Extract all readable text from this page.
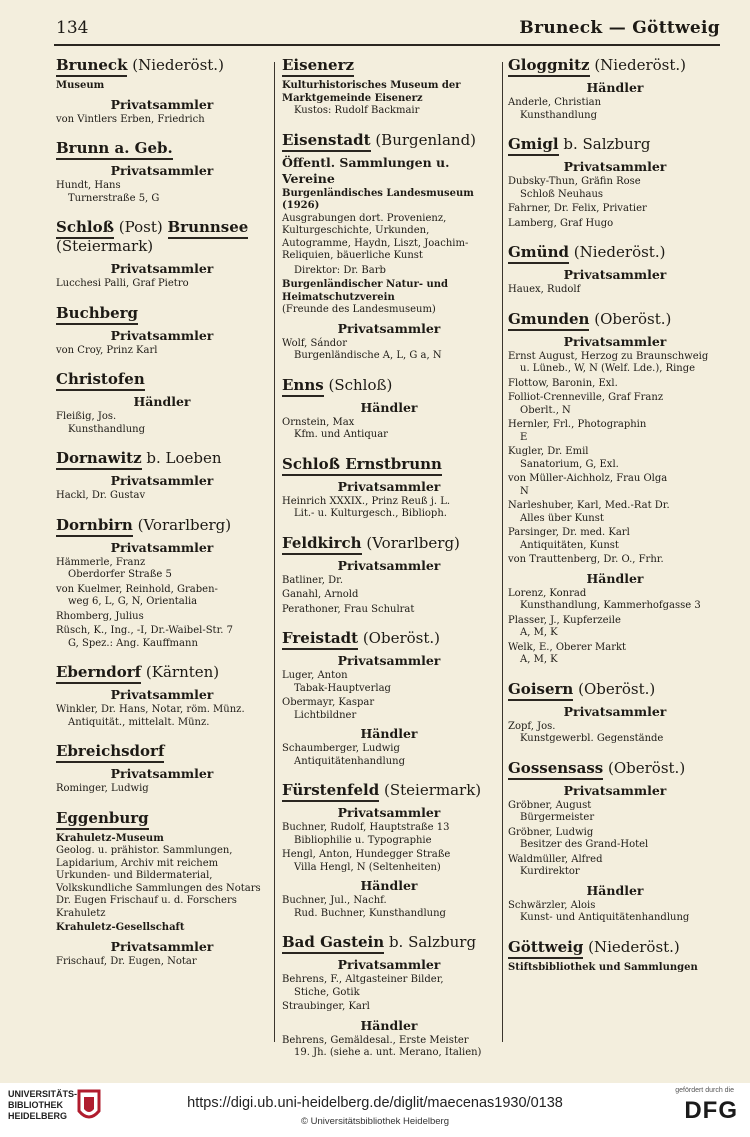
134	Bruneck — Göttweig
Bruneck (Niederöst.)
Museum
Privatsammler
von Vintlers Erben, Friedrich
Brunn a. Geb.
Privatsammler
Hundt, Hans
Turnerstraße 5, G
Schloß (Post) Brunnsee
(Steiermark)
Privatsammler
Lucchesi Palli, Graf Pietro
Buchberg
Privatsammler
von Croy, Prinz Karl
Christofen
Händler
Fleißig, Jos.
Kunsthandlung
Dornawitz b. Loeben
Privatsammler
Hackl, Dr. Gustav
Dornbirn (Vorarlberg)
Privatsammler
Hämmerle, Franz
Oberdorfer Straße 5
von Kuelmer, Reinhold, Graben-
weg 6, L, G, N, Orientalia
Rhomberg, Julius
Rüsch, K., Ing., -I, Dr.-Waibel-Str. 7
G, Spez.: Ang. Kauffmann
Eberndorf (Kärnten)
Privatsammler
Winkler, Dr. Hans, Notar, röm. Münz.
Antiquität., mittelalt. Münz.
Ebreichsdorf
Privatsammler
Rominger, Ludwig
Eggenburg
Krahuletz-Museum
Geolog. u. prähistor. Sammlungen, Lapidarium, Archiv mit reichem Urkunden- und Bildermaterial, Volkskundliche Sammlungen des Notars Dr. Eugen Frischauf u. d. Forschers Krahuletz
Krahuletz-Gesellschaft
Privatsammler
Frischauf, Dr. Eugen, Notar
Eisenerz
Kulturhistorisches Museum der Marktgemeinde Eisenerz
Kustos: Rudolf Backmair
Eisenstadt (Burgenland)
Öffentl. Sammlungen u. Vereine
Burgenländisches Landesmuseum (1926)
Ausgrabungen dort. Provenienz, Kulturgeschichte, Urkunden, Autogramme, Haydn, Liszt, Joachim-Reliquien, bäuerliche Kunst
Direktor: Dr. Barb
Burgenländischer Natur- und Heimatschutzverein
(Freunde des Landesmuseum)
Privatsammler
Wolf, Sándor
Burgenländische A, L, G a, N
Enns (Schloß)
Händler
Ornstein, Max
Kfm. und Antiquar
Schloß Ernstbrunn
Privatsammler
Heinrich XXXIX., Prinz Reuß j. L.
Lit.- u. Kulturgesch., Biblioph.
Feldkirch (Vorarlberg)
Privatsammler
Batliner, Dr.
Ganahl, Arnold
Perathoner, Frau Schulrat
Freistadt (Oberöst.)
Privatsammler
Luger, Anton
Tabak-Hauptverlag
Obermayr, Kaspar
Lichtbildner
Händler
Schaumberger, Ludwig
Antiquitätenhandlung
Fürstenfeld (Steiermark)
Privatsammler
Buchner, Rudolf, Hauptstraße 13
Bibliophilie u. Typographie
Hengl, Anton, Hundegger Straße
Villa Hengl, N (Seltenheiten)
Händler
Buchner, Jul., Nachf.
Rud. Buchner, Kunsthandlung
Bad Gastein b. Salzburg
Privatsammler
Behrens, F., Altgasteiner Bilder,
Stiche, Gotik
Straubinger, Karl
Händler
Behrens, Gemäldesal., Erste Meister
19. Jh. (siehe a. unt. Merano, Italien)
Gloggnitz (Niederöst.)
Händler
Anderle, Christian
Kunsthandlung
Gmigl b. Salzburg
Privatsammler
Dubsky-Thun, Gräfin Rose
Schloß Neuhaus
Fahrner, Dr. Felix, Privatier
Lamberg, Graf Hugo
Gmünd (Niederöst.)
Privatsammler
Hauex, Rudolf
Gmunden (Oberöst.)
Privatsammler
Ernst August, Herzog zu Braunschweig
u. Lüneb., W, N (Welf. Lde.), Ringe
Flottow, Baronin, Exl.
Folliot-Crenneville, Graf Franz
Oberlt., N
Hernler, Frl., Photographin
E
Kugler, Dr. Emil
Sanatorium, G, Exl.
von Müller-Aichholz, Frau Olga
N
Narleshuber, Karl, Med.-Rat Dr.
Alles über Kunst
Parsinger, Dr. med. Karl
Antiquitäten, Kunst
von Trauttenberg, Dr. O., Frhr.
Händler
Lorenz, Konrad
Kunsthandlung, Kammerhofgasse 3
Plasser, J., Kupferzeile
A, M, K
Welk, E., Oberer Markt
A, M, K
Goisern (Oberöst.)
Privatsammler
Zopf, Jos.
Kunstgewerbl. Gegenstände
Gossensass (Oberöst.)
Privatsammler
Gröbner, August
Bürgermeister
Gröbner, Ludwig
Besitzer des Grand-Hotel
Waldmüller, Alfred
Kurdirektor
Händler
Schwärzler, Alois
Kunst- und Antiquitätenhandlung
Göttweig (Niederöst.)
Stiftsbibliothek und Sammlungen
UNIVERSITÄTS-
BIBLIOTHEK
HEIDELBERG
https://digi.ub.uni-heidelberg.de/diglit/maecenas1930/0138
© Universitätsbibliothek Heidelberg
gefördert durch die
DFG
